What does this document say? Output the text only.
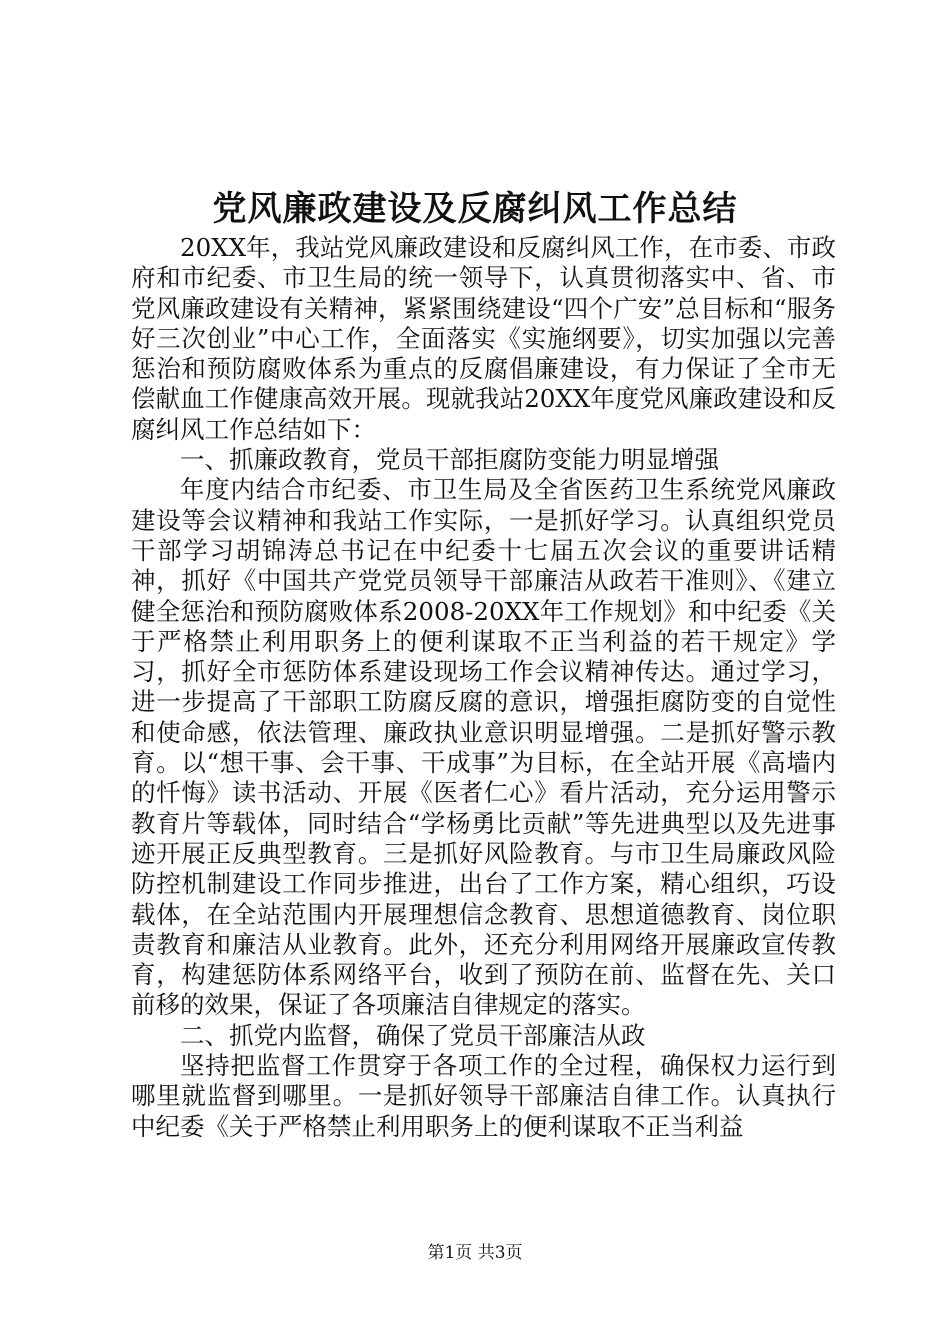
党风廉政建设及反腐纠风工作总结

20XX年，我站党风廉政建设和反腐纠风工作，在市委、市政府和市纪委、市卫生局的统一领导下，认真贯彻落实中、省、市党风廉政建设有关精神，紧紧围绕建设“四个广安”总目标和“服务好三次创业”中心工作，全面落实《实施纲要》，切实加强以完善惩治和预防腐败体系为重点的反腐倡廉建设，有力保证了全市无偿献血工作健康高效开展。现就我站20XX年度党风廉政建设和反腐纠风工作总结如下：

一、抓廉政教育，党员干部拒腐防变能力明显增强

年度内结合市纪委、市卫生局及全省医药卫生系统党风廉政建设等会议精神和我站工作实际，一是抓好学习。认真组织党员干部学习胡锦涛总书记在中纪委十七届五次会议的重要讲话精神，抓好《中国共产党党员领导干部廉洁从政若干准则》、《建立健全惩治和预防腐败体系2008-20XX年工作规划》和中纪委《关于严格禁止利用职务上的便利谋取不正当利益的若干规定》学习，抓好全市惩防体系建设现场工作会议精神传达。通过学习，进一步提高了干部职工防腐反腐的意识，增强拒腐防变的自觉性和使命感，依法管理、廉政执业意识明显增强。二是抓好警示教育。以“想干事、会干事、干成事”为目标，在全站开展《高墙内的忏悔》读书活动、开展《医者仁心》看片活动，充分运用警示教育片等载体，同时结合“学杨勇比贡献”等先进典型以及先进事迹开展正反典型教育。三是抓好风险教育。与市卫生局廉政风险防控机制建设工作同步推进，出台了工作方案，精心组织，巧设载体，在全站范围内开展理想信念教育、思想道德教育、岗位职责教育和廉洁从业教育。此外，还充分利用网络开展廉政宣传教育，构建惩防体系网络平台，收到了预防在前、监督在先、关口前移的效果，保证了各项廉洁自律规定的落实。

二、抓党内监督，确保了党员干部廉洁从政

坚持把监督工作贯穿于各项工作的全过程，确保权力运行到哪里就监督到哪里。一是抓好领导干部廉洁自律工作。认真执行中纪委《关于严格禁止利用职务上的便利谋取不正当利益

第1页 共3页
